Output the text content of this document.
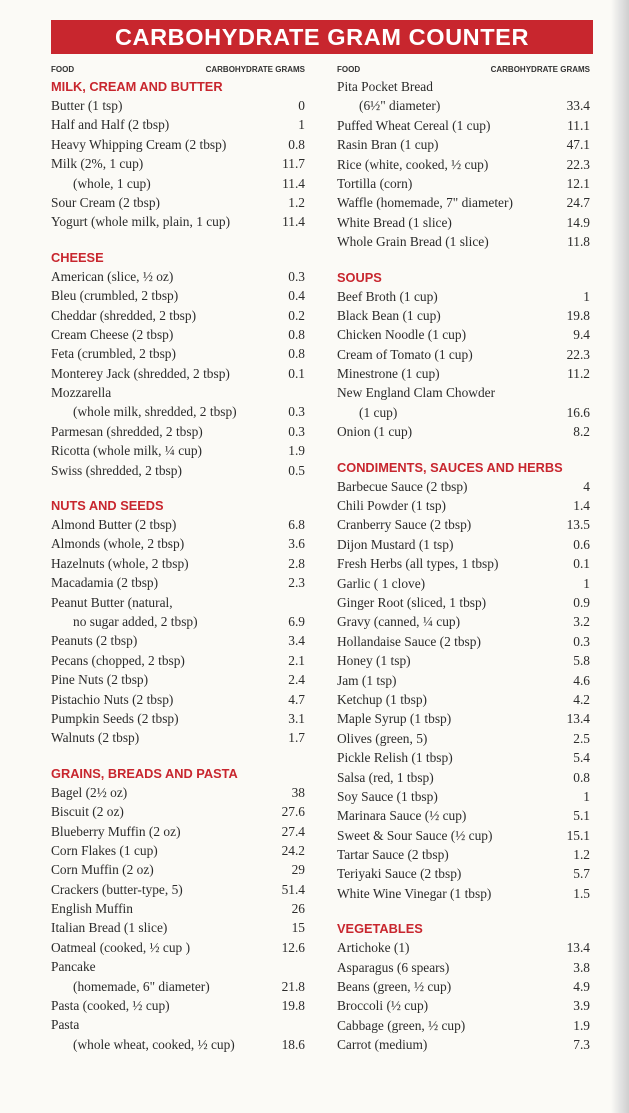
CARBOHYDRATE GRAM COUNTER
FOOD	CARBOHYDRATE GRAMS
MILK, CREAM AND BUTTER
Butter (1 tsp)	0
Half and Half (2 tbsp)	1
Heavy Whipping Cream (2 tbsp)	0.8
Milk (2%, 1 cup)	11.7
(whole, 1 cup)	11.4
Sour Cream (2 tbsp)	1.2
Yogurt (whole milk, plain, 1 cup)	11.4
CHEESE
American (slice, ½ oz)	0.3
Bleu (crumbled, 2 tbsp)	0.4
Cheddar (shredded, 2 tbsp)	0.2
Cream Cheese (2 tbsp)	0.8
Feta (crumbled, 2 tbsp)	0.8
Monterey Jack (shredded, 2 tbsp)	0.1
Mozzarella
(whole milk, shredded, 2 tbsp)	0.3
Parmesan (shredded, 2 tbsp)	0.3
Ricotta (whole milk, ¼ cup)	1.9
Swiss (shredded, 2 tbsp)	0.5
NUTS AND SEEDS
Almond Butter (2 tbsp)	6.8
Almonds (whole, 2 tbsp)	3.6
Hazelnuts (whole, 2 tbsp)	2.8
Macadamia (2 tbsp)	2.3
Peanut Butter (natural,
no sugar added, 2 tbsp)	6.9
Peanuts (2 tbsp)	3.4
Pecans (chopped, 2 tbsp)	2.1
Pine Nuts (2 tbsp)	2.4
Pistachio Nuts (2 tbsp)	4.7
Pumpkin Seeds (2 tbsp)	3.1
Walnuts (2 tbsp)	1.7
GRAINS, BREADS AND PASTA
Bagel (2½ oz)	38
Biscuit (2 oz)	27.6
Blueberry Muffin (2 oz)	27.4
Corn Flakes (1 cup)	24.2
Corn Muffin (2 oz)	29
Crackers (butter-type, 5)	51.4
English Muffin	26
Italian Bread (1 slice)	15
Oatmeal (cooked, ½ cup )	12.6
Pancake
(homemade, 6" diameter)	21.8
Pasta (cooked, ½ cup)	19.8
Pasta
(whole wheat, cooked, ½ cup)	18.6
FOOD	CARBOHYDRATE GRAMS
Pita Pocket Bread
(6½" diameter)	33.4
Puffed Wheat Cereal (1 cup)	11.1
Rasin Bran (1 cup)	47.1
Rice (white, cooked, ½ cup)	22.3
Tortilla (corn)	12.1
Waffle (homemade, 7" diameter)	24.7
White Bread (1 slice)	14.9
Whole Grain Bread (1 slice)	11.8
SOUPS
Beef Broth (1 cup)	1
Black Bean (1 cup)	19.8
Chicken Noodle (1 cup)	9.4
Cream of Tomato (1 cup)	22.3
Minestrone (1 cup)	11.2
New England Clam Chowder
(1 cup)	16.6
Onion (1 cup)	8.2
CONDIMENTS, SAUCES AND HERBS
Barbecue Sauce (2 tbsp)	4
Chili Powder (1 tsp)	1.4
Cranberry Sauce (2 tbsp)	13.5
Dijon Mustard (1 tsp)	0.6
Fresh Herbs (all types, 1 tbsp)	0.1
Garlic ( 1 clove)	1
Ginger Root (sliced, 1 tbsp)	0.9
Gravy (canned, ¼ cup)	3.2
Hollandaise Sauce (2 tbsp)	0.3
Honey (1 tsp)	5.8
Jam (1 tsp)	4.6
Ketchup (1 tbsp)	4.2
Maple Syrup (1 tbsp)	13.4
Olives (green, 5)	2.5
Pickle Relish (1 tbsp)	5.4
Salsa (red, 1 tbsp)	0.8
Soy Sauce (1 tbsp)	1
Marinara Sauce (½ cup)	5.1
Sweet & Sour Sauce (½ cup)	15.1
Tartar Sauce (2 tbsp)	1.2
Teriyaki Sauce (2 tbsp)	5.7
White Wine Vinegar (1 tbsp)	1.5
VEGETABLES
Artichoke (1)	13.4
Asparagus (6 spears)	3.8
Beans (green, ½ cup)	4.9
Broccoli (½ cup)	3.9
Cabbage (green, ½ cup)	1.9
Carrot (medium)	7.3
